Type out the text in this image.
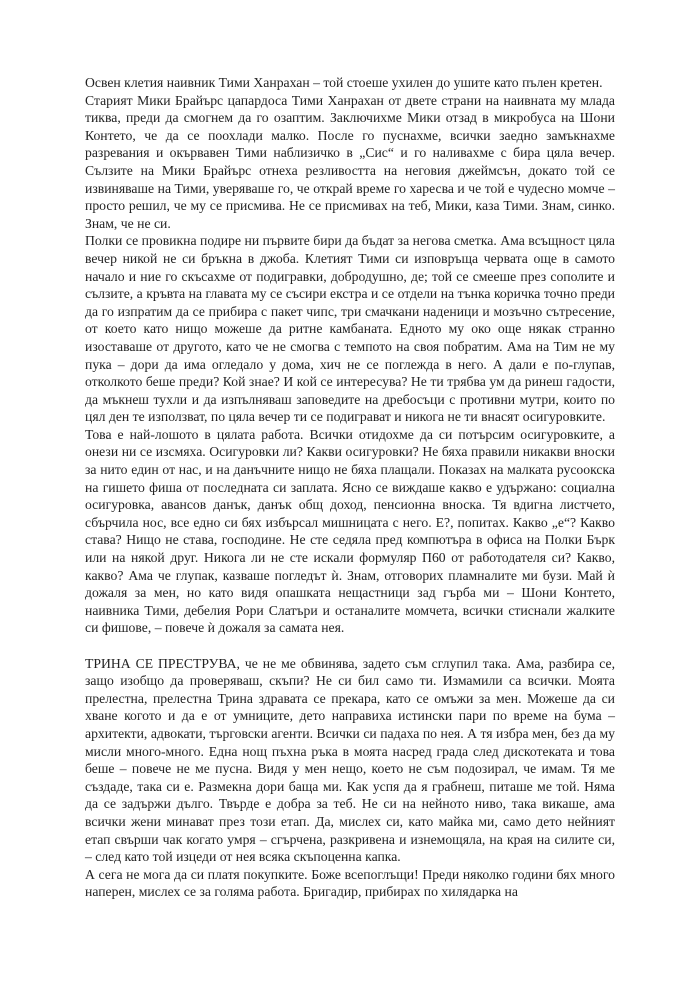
Освен клетия наивник Тими Ханрахан – той стоеше ухилен до ушите като пълен кретен.

Старият Мики Брайърс цапардоса Тими Ханрахан от двете страни на наивната му млада тиква, преди да смогнем да го озаптим. Заключихме Мики отзад в микробуса на Шони Контето, че да се поохлади малко. После го пуснахме, всички заедно замъкнахме разревания и окървавен Тими наблизичко в „Сис“ и го наливахме с бира цяла вечер. Сълзите на Мики Брайърс отнеха резливостта на неговия джеймсън, докато той се извиняваше на Тими, уверяваше го, че открай време го харесва и че той е чудесно момче – просто решил, че му се присмива. Не се присмивах на теб, Мики, каза Тими. Знам, синко. Знам, че не си.

Полки се провикна подире ни първите бири да бъдат за негова сметка. Ама всъщност цяла вечер никой не си бръкна в джоба. Клетият Тими си изповръща червата още в самото начало и ние го скъсахме от подигравки, добродушно, де; той се смееше през сополите и сълзите, а кръвта на главата му се съсири екстра и се отдели на тънка коричка точно преди да го изпратим да се прибира с пакет чипс, три смачкани наденици и мозъчно сътресение, от което като нищо можеше да ритне камбаната. Едното му око още някак странно изоставаше от другото, като че не смогва с темпото на своя побратим. Ама на Тим не му пука – дори да има огледало у дома, хич не се поглежда в него. А дали е по-глупав, отколкото беше преди? Кой знае? И кой се интересува? Не ти трябва ум да ринеш гадости, да мъкнеш тухли и да изпълняваш заповедите на дребосъци с противни мутри, които по цял ден те използват, по цяла вечер ти се подиграват и никога не ти внасят осигуровките.

Това е най-лошото в цялата работа. Всички отидохме да си потърсим осигуровките, а онези ни се изсмяха. Осигуровки ли? Какви осигуровки? Не бяха правили никакви вноски за нито един от нас, и на данъчните нищо не бяха плащали. Показах на малката русоокска на гишето фиша от последната си заплата. Ясно се виждаше какво е удържано: социална осигуровка, авансов данък, данък общ доход, пенсионна вноска. Тя вдигна листчето, сбърчила нос, все едно си бях избърсал мишницата с него. Е?, попитах. Какво „е“? Какво става? Нищо не става, господине. Не сте седяла пред компютъра в офиса на Полки Бърк или на някой друг. Никога ли не сте искали формуляр П60 от работодателя си? Какво, какво? Ама че глупак, казваше погледът ѝ. Знам, отговорих пламналите ми бузи. Май ѝ дожаля за мен, но като видя опашката нещастници зад гърба ми – Шони Контето, наивника Тими, дебелия Рори Слатъри и останалите момчета, всички стиснали жалките си фишове, – повече ѝ дожаля за самата нея.

ТРИНА СЕ ПРЕСТРУВА, че не ме обвинява, задето съм сглупил така. Ама, разбира се, защо изобщо да проверяваш, скъпи? Не си бил само ти. Измамили са всички. Моята прелестна, прелестна Трина здравата се прекара, като се омъжи за мен. Можеше да си хване когото и да е от умниците, дето направиха истински пари по време на бума – архитекти, адвокати, търговски агенти. Всички си падаха по нея. А тя избра мен, без да му мисли много-много. Една нощ пъхна ръка в моята насред града след дискотеката и това беше – повече не ме пусна. Видя у мен нещо, което не съм подозирал, че имам. Тя ме създаде, така си е. Размекна дори баща ми. Как успя да я грабнеш, питаше ме той. Няма да се задържи дълго. Твърде е добра за теб. Не си на нейното ниво, така викаше, ама всички жени минават през този етап. Да, мислех си, като майка ми, само дето нейният етап свърши чак когато умря – сгърчена, разкривена и изнемощяла, на края на силите си, – след като той изцеди от нея всяка скъпоценна капка.

А сега не мога да си платя покупките. Боже всепоглъщи! Преди няколко години бях много наперен, мислех се за голяма работа. Бригадир, прибирах по хилядарка на
